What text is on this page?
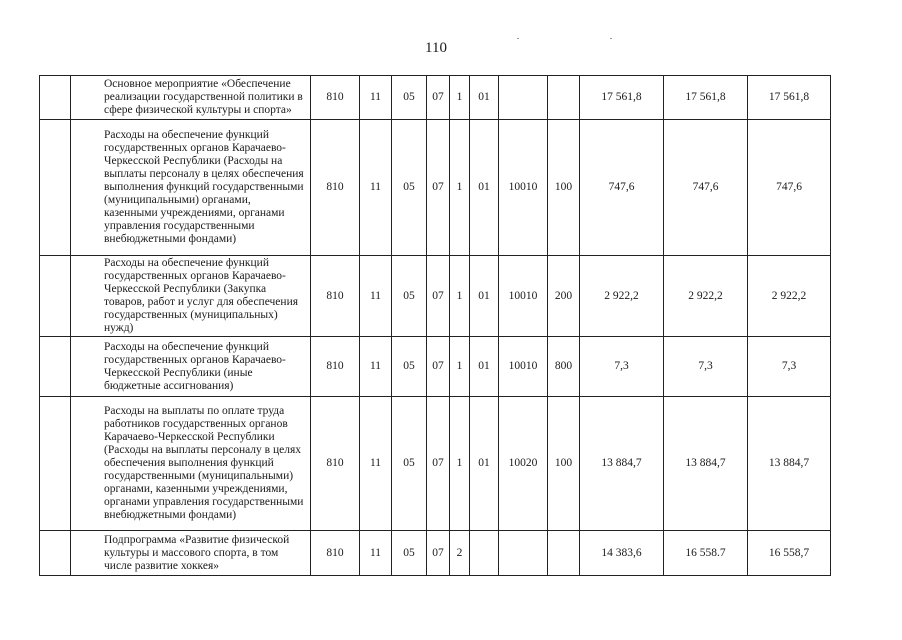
110
	Основное мероприятие «Обеспечение реализации государственной политики в сфере физической культуры и спорта»	810	11	05	07	1	01			17 561,8	17 561,8	17 561,8
	Расходы на обеспечение функций государственных органов Карачаево-Черкесской Республики (Расходы на выплаты персоналу в целях обеспечения выполнения функций государственными (муниципальными) органами, казенными учреждениями, органами управления государственными внебюджетными фондами)	810	11	05	07	1	01	10010	100	747,6	747,6	747,6
	Расходы на обеспечение функций государственных органов Карачаево-Черкесской Республики (Закупка товаров, работ и услуг для обеспечения государственных (муниципальных) нужд)	810	11	05	07	1	01	10010	200	2 922,2	2 922,2	2 922,2
	Расходы на обеспечение функций государственных органов Карачаево-Черкесской Республики (иные бюджетные ассигнования)	810	11	05	07	1	01	10010	800	7,3	7,3	7,3
	Расходы на выплаты по оплате труда работников государственных органов Карачаево-Черкесской Республики (Расходы на выплаты персоналу в целях обеспечения выполнения функций государственными (муниципальными) органами, казенными учреждениями, органами управления государственными внебюджетными фондами)	810	11	05	07	1	01	10020	100	13 884,7	13 884,7	13 884,7
	Подпрограмма «Развитие физической культуры и массового спорта, в том числе развитие хоккея»	810	11	05	07	2				14 383,6	16 558.7	16 558,7
